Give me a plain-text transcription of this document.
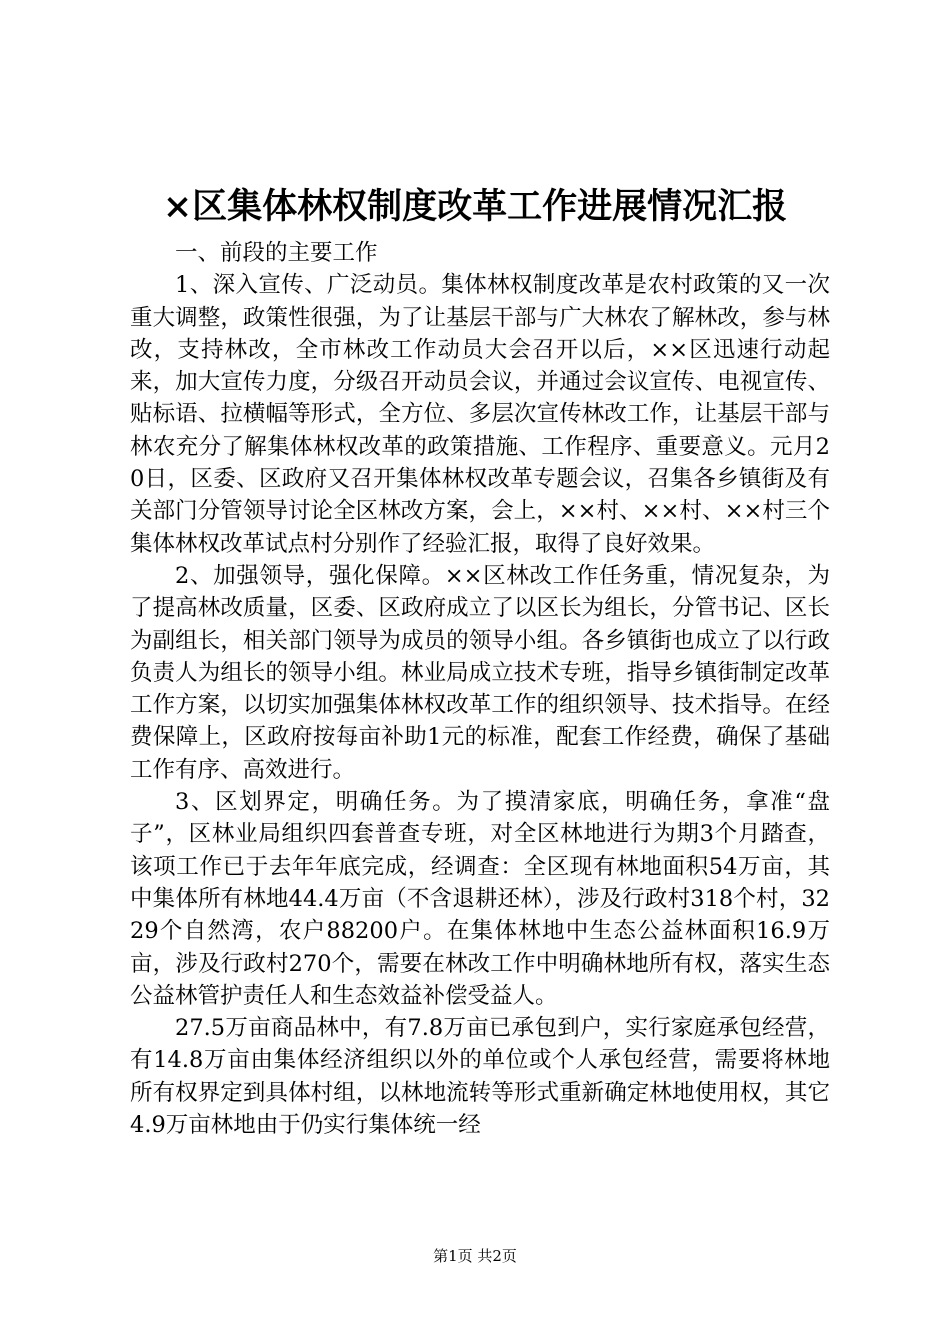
×区集体林权制度改革工作进展情况汇报

一、前段的主要工作

1、深入宣传、广泛动员。集体林权制度改革是农村政策的又一次重大调整，政策性很强，为了让基层干部与广大林农了解林改，参与林改，支持林改，全市林改工作动员大会召开以后，××区迅速行动起来，加大宣传力度，分级召开动员会议，并通过会议宣传、电视宣传、贴标语、拉横幅等形式，全方位、多层次宣传林改工作，让基层干部与林农充分了解集体林权改革的政策措施、工作程序、重要意义。元月20日，区委、区政府又召开集体林权改革专题会议，召集各乡镇街及有关部门分管领导讨论全区林改方案，会上，××村、××村、××村三个集体林权改革试点村分别作了经验汇报，取得了良好效果。

2、加强领导，强化保障。××区林改工作任务重，情况复杂，为了提高林改质量，区委、区政府成立了以区长为组长，分管书记、区长为副组长，相关部门领导为成员的领导小组。各乡镇街也成立了以行政负责人为组长的领导小组。林业局成立技术专班，指导乡镇街制定改革工作方案，以切实加强集体林权改革工作的组织领导、技术指导。在经费保障上，区政府按每亩补助1元的标准，配套工作经费，确保了基础工作有序、高效进行。

3、区划界定，明确任务。为了摸清家底，明确任务，拿准“盘子”，区林业局组织四套普查专班，对全区林地进行为期3个月踏查，该项工作已于去年年底完成，经调查：全区现有林地面积54万亩，其中集体所有林地44.4万亩（不含退耕还林），涉及行政村318个村，3229个自然湾，农户88200户。在集体林地中生态公益林面积16.9万亩，涉及行政村270个，需要在林改工作中明确林地所有权，落实生态公益林管护责任人和生态效益补偿受益人。

27.5万亩商品林中，有7.8万亩已承包到户，实行家庭承包经营，有14.8万亩由集体经济组织以外的单位或个人承包经营，需要将林地所有权界定到具体村组，以林地流转等形式重新确定林地使用权，其它4.9万亩林地由于仍实行集体统一经

第1页 共2页
